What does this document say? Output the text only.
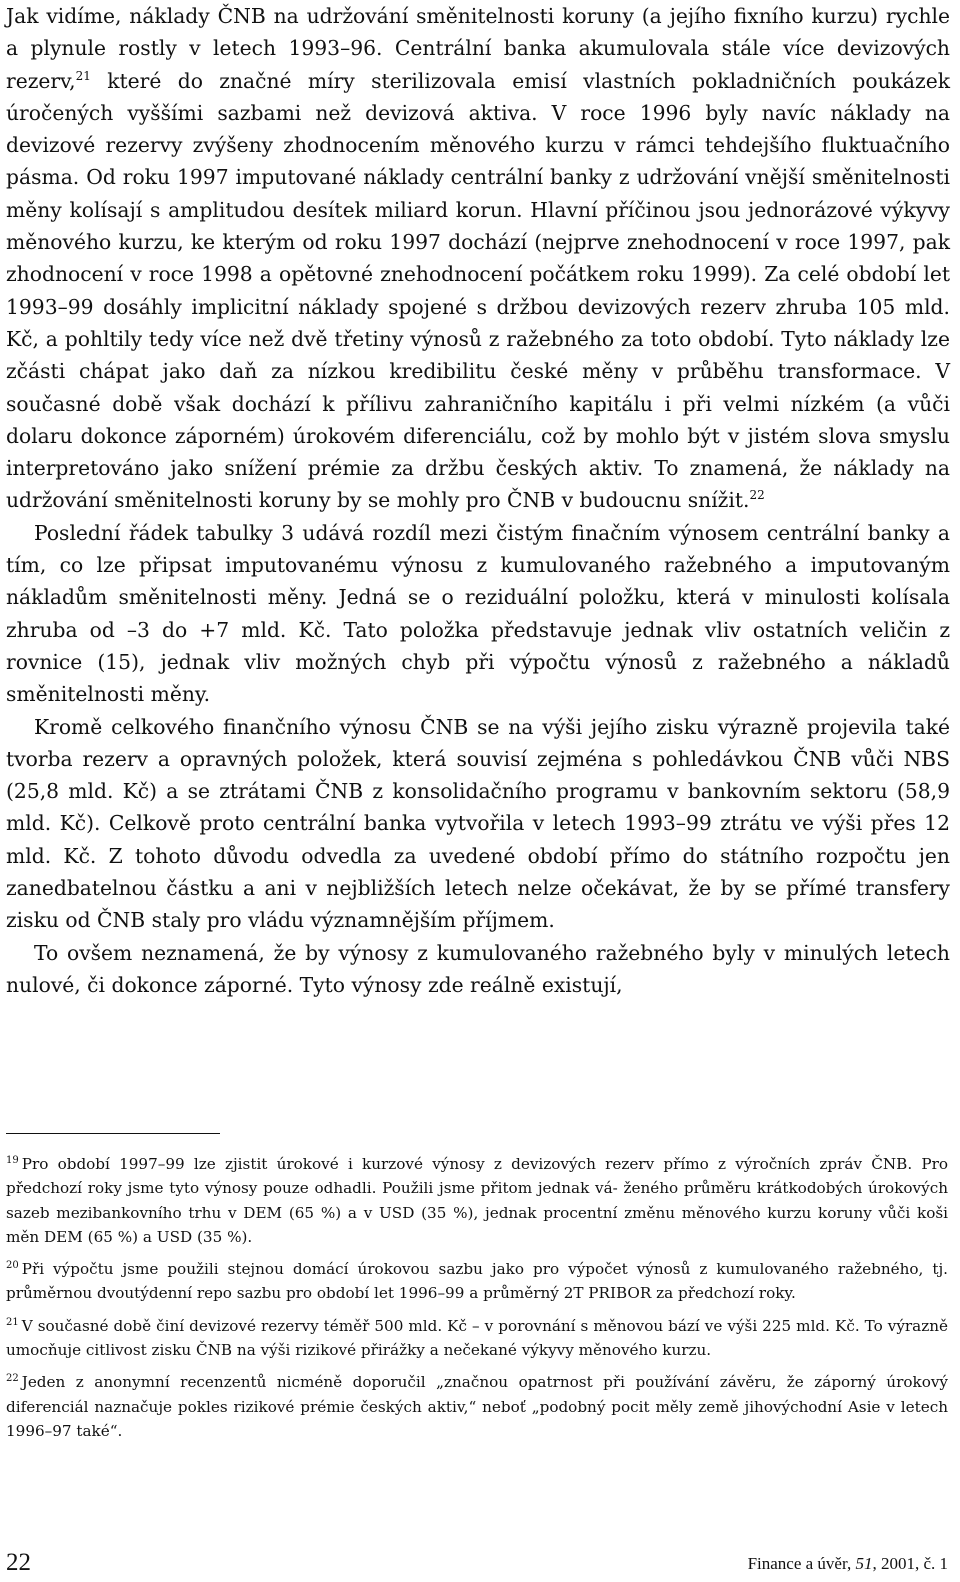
Jak vidíme, náklady ČNB na udržování směnitelnosti koruny (a jejího fixního kurzu) rychle a plynule rostly v letech 1993–96. Centrální banka akumulovala stále více devizových rezerv,$^{21}$ které do značné míry sterilizovala emisí vlastních pokladničních poukázek úročených vyššími sazbami než devizová aktiva. V roce 1996 byly navíc náklady na devizové rezervy zvýšeny zhodnocením měnového kurzu v rámci tehdejšího fluktuačního pásma. Od roku 1997 imputované náklady centrální banky z udržování vnější směnitelnosti měny kolísají s amplitudou desítek miliard korun. Hlavní příčinou jsou jednorázové výkyvy měnového kurzu, ke kterým od roku 1997 dochází (nejprve znehodnocení v roce 1997, pak zhodnocení v roce 1998 a opětovné znehodnocení počátkem roku 1999). Za celé období let 1993–99 dosáhly implicitní náklady spojené s držbou devizových rezerv zhruba 105 mld. Kč, a pohltily tedy více než dvě třetiny výnosů z ražebného za toto období. Tyto náklady lze zčásti chápat jako daň za nízkou kredibilitu české měny v průběhu transformace. V současné době však dochází k přílivu zahraničního kapitálu i při velmi nízkém (a vůči dolaru dokonce záporném) úrokovém diferenciálu, což by mohlo být v jistém slova smyslu interpretováno jako snížení prémie za držbu českých aktiv. To znamená, že náklady na udržování směnitelnosti koruny by se mohly pro ČNB v budoucnu snížit.$^{22}$

Poslední řádek tabulky 3 udává rozdíl mezi čistým finačním výnosem centrální banky a tím, co lze připsat imputovanému výnosu z kumulovaného ražebného a imputovaným nákladům směnitelnosti měny. Jedná se o reziduální položku, která v minulosti kolísala zhruba od –3 do +7 mld. Kč. Tato položka představuje jednak vliv ostatních veličin z rovnice (15), jednak vliv možných chyb při výpočtu výnosů z ražebného a nákladů směnitelnosti měny.

Kromě celkového finančního výnosu ČNB se na výši jejího zisku výrazně projevila také tvorba rezerv a opravných položek, která souvisí zejména s pohledávkou ČNB vůči NBS (25,8 mld. Kč) a se ztrátami ČNB z konsolidačního programu v bankovním sektoru (58,9 mld. Kč). Celkově proto centrální banka vytvořila v letech 1993–99 ztrátu ve výši přes 12 mld. Kč. Z tohoto důvodu odvedla za uvedené období přímo do státního rozpočtu jen zanedbatelnou částku a ani v nejbližších letech nelze očekávat, že by se přímé transfery zisku od ČNB staly pro vládu významnějším příjmem.

To ovšem neznamená, že by výnosy z kumulovaného ražebného byly v minulých letech nulové, či dokonce záporné. Tyto výnosy zde reálně existují,

$^{19}$ Pro období 1997–99 lze zjistit úrokové i kurzové výnosy z devizových rezerv přímo z výročních zpráv ČNB. Pro předchozí roky jsme tyto výnosy pouze odhadli. Použili jsme přitom jednak vá- ženého průměru krátkodobých úrokových sazeb mezibankovního trhu v DEM (65 %) a v USD (35 %), jednak procentní změnu měnového kurzu koruny vůči koši měn DEM (65 %) a USD (35 %).

$^{20}$ Při výpočtu jsme použili stejnou domácí úrokovou sazbu jako pro výpočet výnosů z kumulovaného ražebného, tj. průměrnou dvoutýdenní repo sazbu pro období let 1996–99 a průměrný 2T PRIBOR za předchozí roky.

$^{21}$ V současné době činí devizové rezervy téměř 500 mld. Kč – v porovnání s měnovou bází ve výši 225 mld. Kč. To výrazně umocňuje citlivost zisku ČNB na výši rizikové přirážky a nečekané výkyvy měnového kurzu.

$^{22}$ Jeden z anonymní recenzentů nicméně doporučil „značnou opatrnost při používání závěru, že záporný úrokový diferenciál naznačuje pokles rizikové prémie českých aktiv,“ neboť „podobný pocit měly země jihovýchodní Asie v letech 1996–97 také“.

22	Finance a úvěr, 51, 2001, č. 1
